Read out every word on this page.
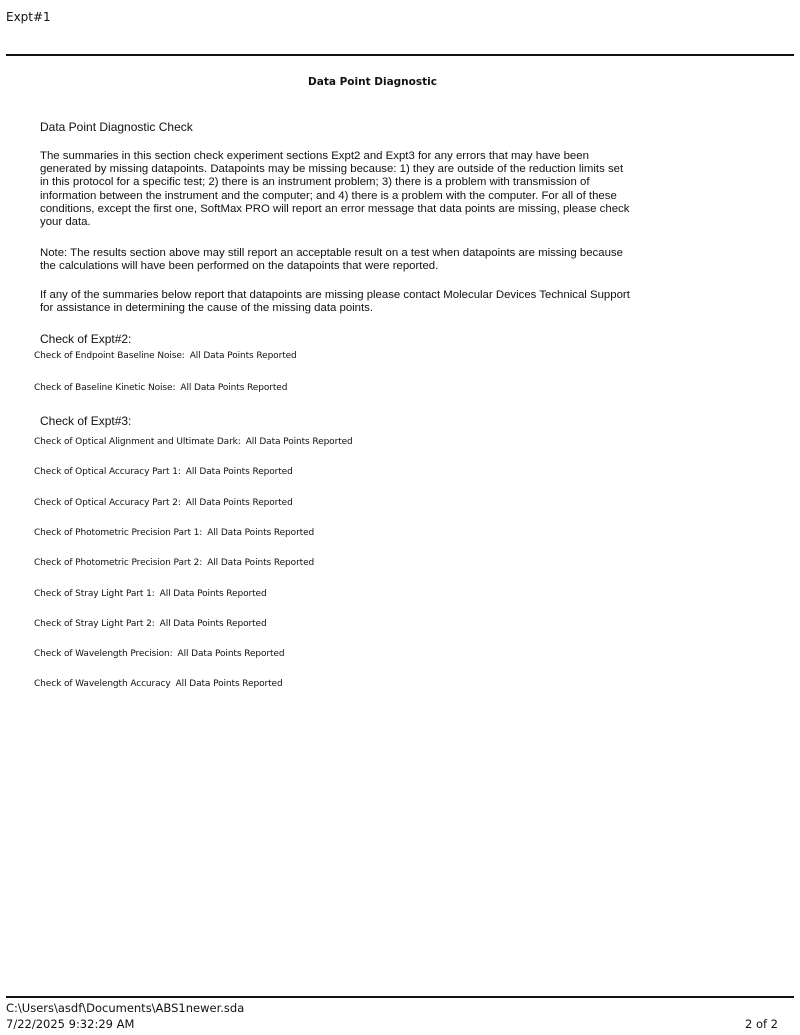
Expt#1
Data Point Diagnostic
Data Point Diagnostic Check
The summaries in this section check experiment sections Expt2 and Expt3 for any errors that may have been generated by missing datapoints. Datapoints may be missing because: 1) they are outside of the reduction limits set in this protocol for a specific test; 2) there is an instrument problem; 3) there is a problem with transmission of information between the instrument and the computer; and 4) there is a problem with the computer. For all of these conditions, except the first one, SoftMax PRO will report an error message that data points are missing, please check your data.
Note: The results section above may still report an acceptable result on a test when datapoints are missing because the calculations will have been performed on the datapoints that were reported.
If any of the summaries below report that datapoints are missing please contact Molecular Devices Technical Support for assistance in determining the cause of the missing data points.
Check of Expt#2:
Check of Endpoint Baseline Noise: All Data Points Reported
Check of Baseline Kinetic Noise: All Data Points Reported
Check of Expt#3:
Check of Optical Alignment and Ultimate Dark: All Data Points Reported
Check of Optical Accuracy Part 1: All Data Points Reported
Check of Optical Accuracy Part 2: All Data Points Reported
Check of Photometric Precision Part 1: All Data Points Reported
Check of Photometric Precision Part 2: All Data Points Reported
Check of Stray Light Part 1: All Data Points Reported
Check of Stray Light Part 2: All Data Points Reported
Check of Wavelength Precision: All Data Points Reported
Check of Wavelength Accuracy All Data Points Reported
C:\Users\asdf\Documents\ABS1newer.sda
7/22/2025 9:32:29 AM	2 of 2
